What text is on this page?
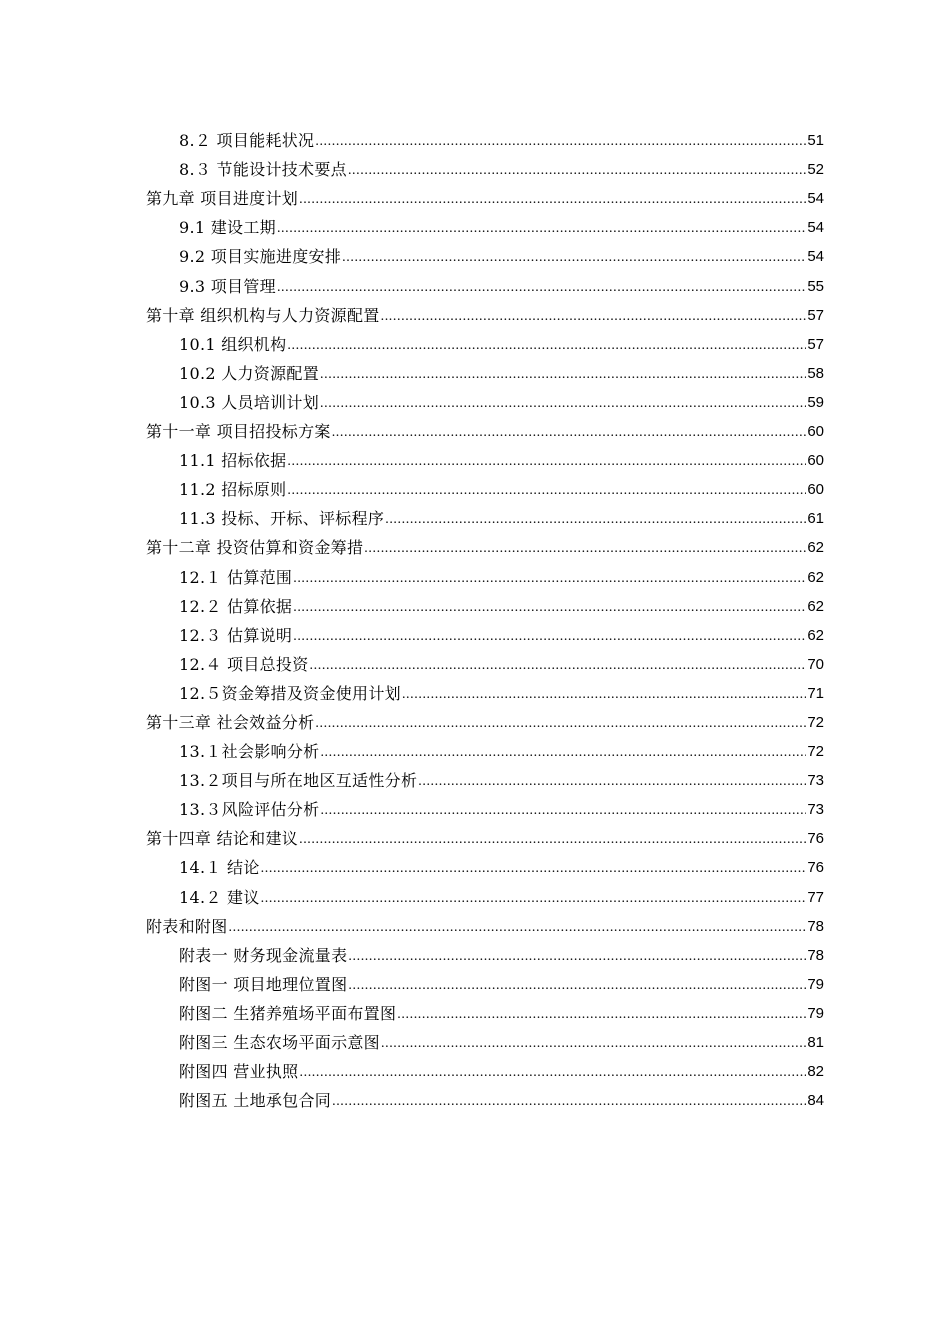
8.２ 项目能耗状况 .....	51
8.３ 节能设计技术要点 .....	52
第九章 项目进度计划 .....	54
9.1 建设工期 .....	54
9.2 项目实施进度安排 .....	54
9.3 项目管理 .....	55
第十章 组织机构与人力资源配置 .....	57
10.1 组织机构 .....	57
10.2 人力资源配置 .....	58
10.3 人员培训计划 .....	59
第十一章 项目招投标方案 .....	60
11.1 招标依据 .....	60
11.2 招标原则 .....	60
11.3 投标、开标、评标程序 .....	61
第十二章 投资估算和资金筹措 .....	62
12.１ 估算范围 .....	62
12.２ 估算依据 .....	62
12.３ 估算说明 .....	62
12.４ 项目总投资 .....	70
12.５资金筹措及资金使用计划 .....	71
第十三章 社会效益分析 .....	72
13.１社会影响分析 .....	72
13.２项目与所在地区互适性分析 .....	73
13.３风险评估分析 .....	73
第十四章 结论和建议 .....	76
14.１ 结论 .....	76
14.２ 建议 .....	77
附表和附图 .....	78
附表一 财务现金流量表 .....	78
附图一 项目地理位置图 .....	79
附图二 生猪养殖场平面布置图 .....	79
附图三 生态农场平面示意图 .....	81
附图四 营业执照 .....	82
附图五 土地承包合同 .....	84
